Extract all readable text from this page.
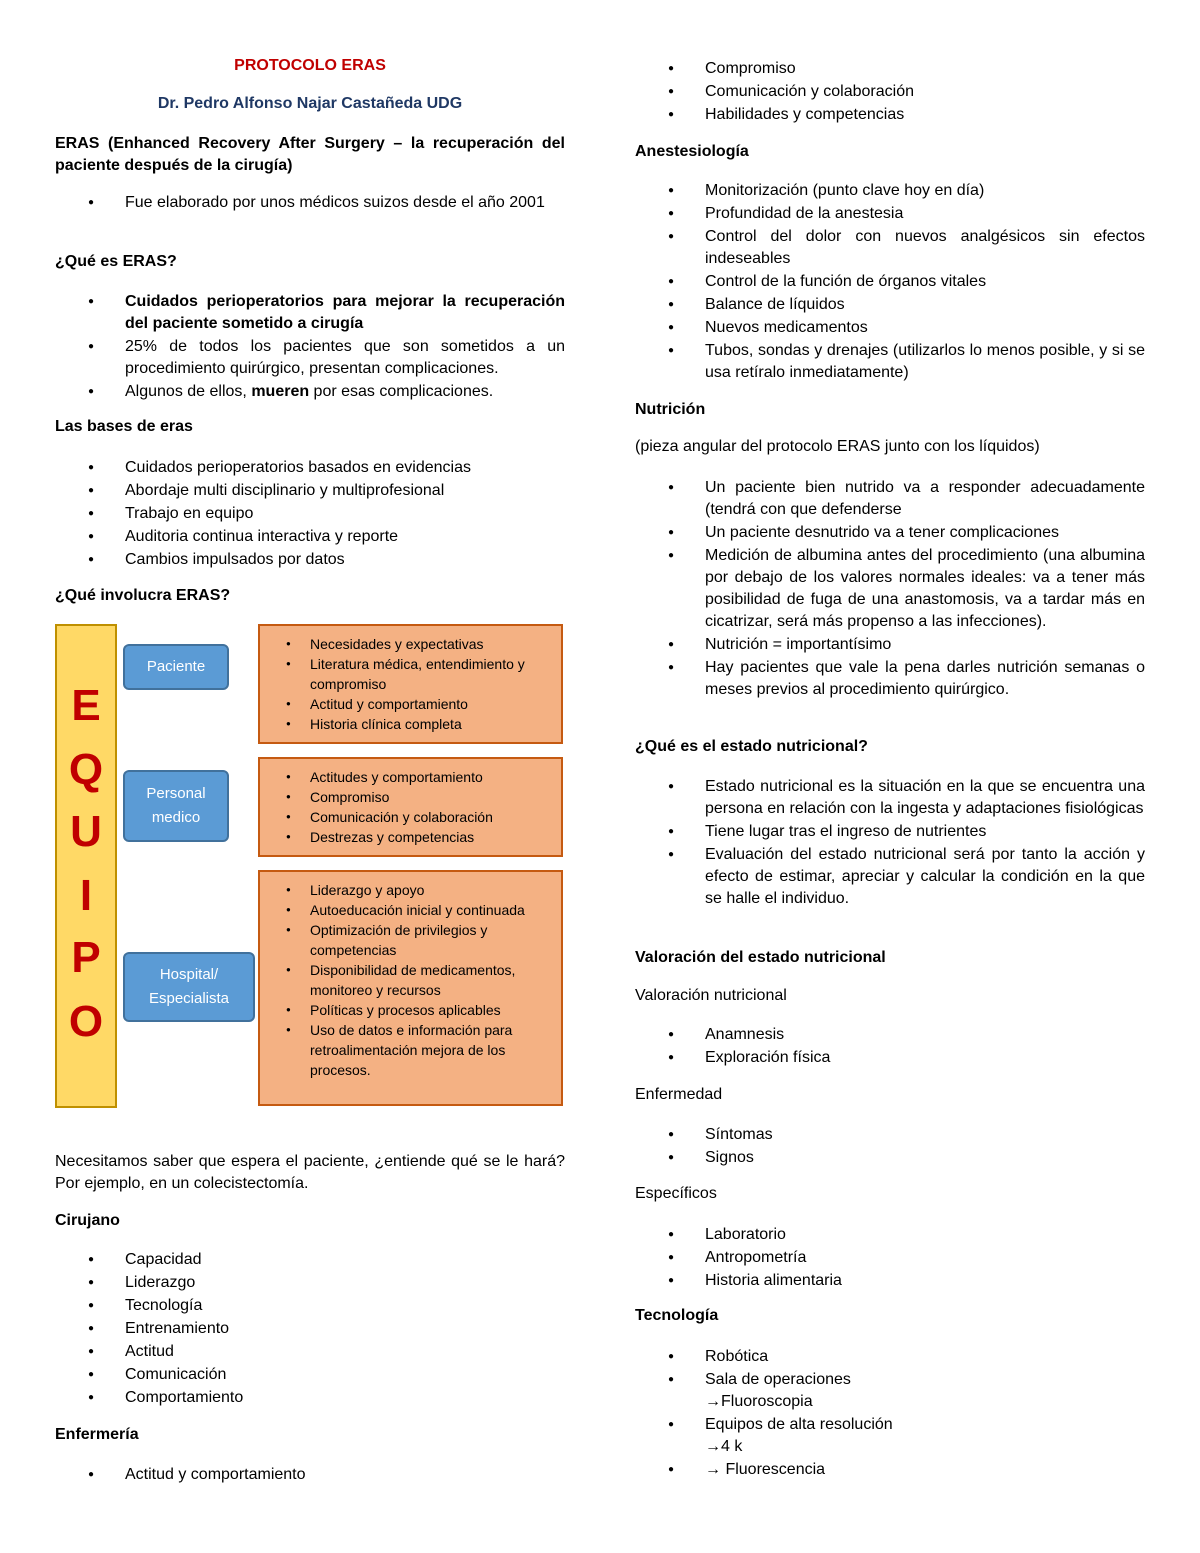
PROTOCOLO ERAS
Dr. Pedro Alfonso Najar Castañeda UDG
ERAS (Enhanced Recovery After Surgery – la recuperación del paciente después de la cirugía)
● Fue elaborado por unos médicos suizos desde el año 2001
¿Qué es ERAS?
● Cuidados perioperatorios para mejorar la recuperación del paciente sometido a cirugía
● 25% de todos los pacientes que son sometidos a un procedimiento quirúrgico, presentan complicaciones.
● Algunos de ellos, mueren por esas complicaciones.
Las bases de eras
● Cuidados perioperatorios basados en evidencias
● Abordaje multi disciplinario y multiprofesional
● Trabajo en equipo
● Auditoria continua interactiva y reporte
● Cambios impulsados por datos
¿Qué involucra ERAS?
Necesitamos saber que espera el paciente, ¿entiende qué se le hará? Por ejemplo, en un colecistectomía.
Cirujano
● Capacidad
● Liderazgo
● Tecnología
● Entrenamiento
● Actitud
● Comunicación
● Comportamiento
Enfermería
● Actitud y comportamiento
E
Q
U
I
P
O
Paciente
Personal
medico
Hospital/
Especialista
● Necesidades y expectativas
● Literatura médica, entendimiento y compromiso
● Actitud y comportamiento
● Historia clínica completa
● Actitudes y comportamiento
● Compromiso
● Comunicación y colaboración
● Destrezas y competencias
● Liderazgo y apoyo
● Autoeducación inicial y continuada
● Optimización de privilegios y competencias
● Disponibilidad de medicamentos, monitoreo y recursos
● Políticas y procesos aplicables
● Uso de datos e información para retroalimentación mejora de los procesos.
● Compromiso
● Comunicación y colaboración
● Habilidades y competencias
Anestesiología
● Monitorización (punto clave hoy en día)
● Profundidad de la anestesia
● Control del dolor con nuevos analgésicos sin efectos indeseables
● Control de la función de órganos vitales
● Balance de líquidos
● Nuevos medicamentos
● Tubos, sondas y drenajes (utilizarlos lo menos posible, y si se usa retíralo inmediatamente)
Nutrición
(pieza angular del protocolo ERAS junto con los líquidos)
● Un paciente bien nutrido va a responder adecuadamente (tendrá con que defenderse
● Un paciente desnutrido va a tener complicaciones
● Medición de albumina antes del procedimiento (una albumina por debajo de los valores normales ideales: va a tener más posibilidad de fuga de una anastomosis, va a tardar más en cicatrizar, será más propenso a las infecciones).
● Nutrición = importantísimo
● Hay pacientes que vale la pena darles nutrición semanas o meses previos al procedimiento quirúrgico.
¿Qué es el estado nutricional?
● Estado nutricional es la situación en la que se encuentra una persona en relación con la ingesta y adaptaciones fisiológicas
● Tiene lugar tras el ingreso de nutrientes
● Evaluación del estado nutricional será por tanto la acción y efecto de estimar, apreciar y calcular la condición en la que se halle el individuo.
Valoración del estado nutricional
Valoración nutricional
● Anamnesis
● Exploración física
Enfermedad
● Síntomas
● Signos
Específicos
● Laboratorio
● Antropometría
● Historia alimentaria
Tecnología
● Robótica
● Sala de operaciones
→Fluoroscopia
● Equipos de alta resolución
→4 k
● → Fluorescencia
